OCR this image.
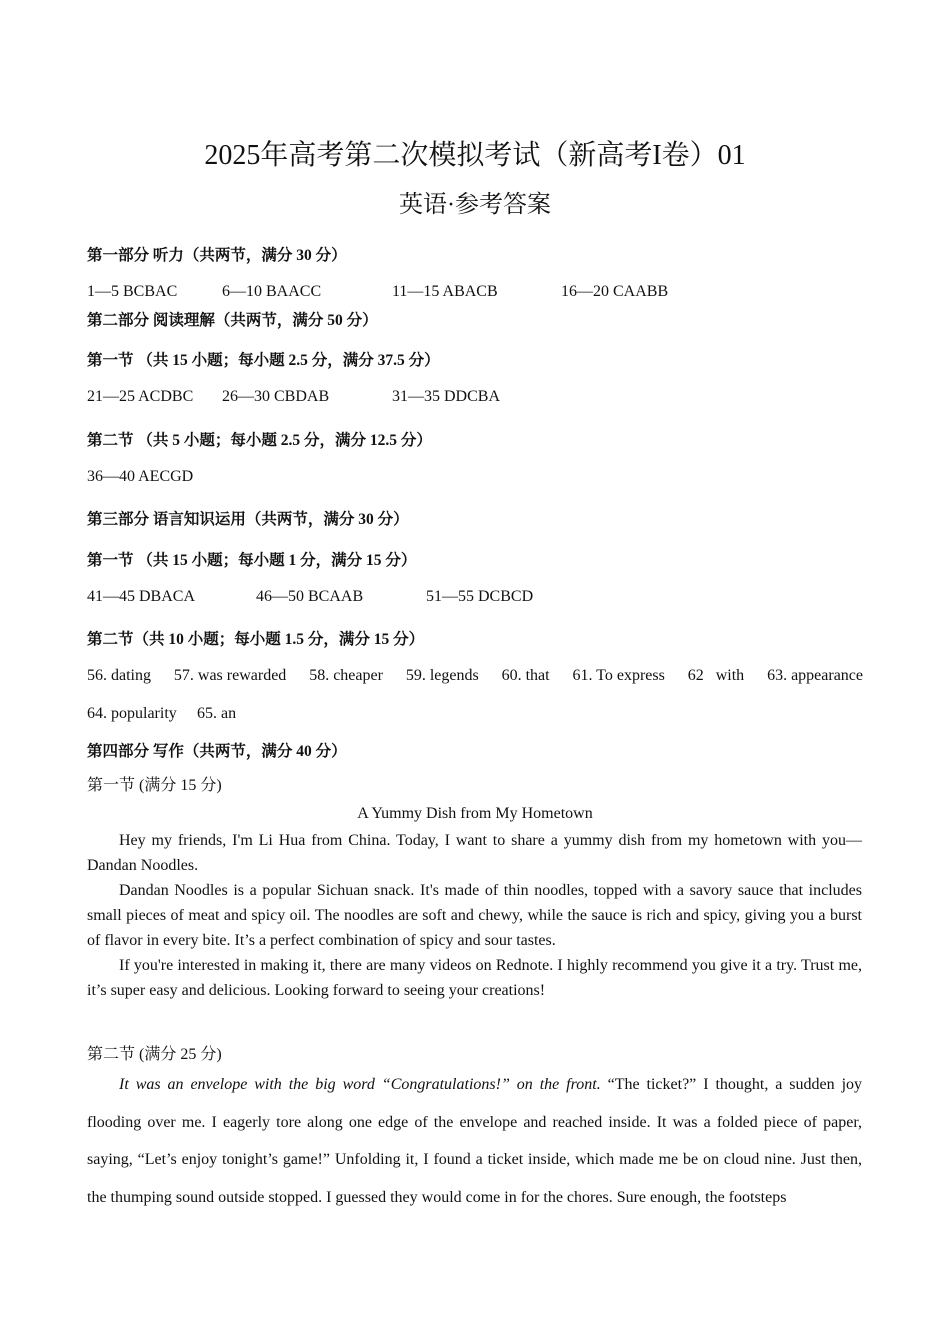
2025年高考第二次模拟考试（新高考I卷）01
英语·参考答案
第一部分 听力（共两节，满分 30 分）
1—5 BCBAC	6—10 BAACC	11—15 ABACB	16—20 CAABB
第二部分 阅读理解（共两节，满分 50 分）
第一节 （共 15 小题；每小题 2.5 分，满分 37.5 分）
21—25 ACDBC 26—30 CBDAB	31—35 DDCBA
第二节 （共 5 小题；每小题 2.5 分，满分 12.5 分）
36—40 AECGD
第三部分 语言知识运用（共两节，满分 30 分）
第一节 （共 15 小题；每小题 1 分，满分 15 分）
41—45 DBACA	46—50 BCAAB	51—55 DCBCD
第二节（共 10 小题；每小题 1.5 分，满分 15 分）
56. dating 57. was rewarded 58. cheaper 59. legends 60. that 61. To express 62   with 63. appearance
64. popularity 65. an
第四部分 写作（共两节，满分 40 分）
第一节 (满分 15 分)
A Yummy Dish from My Hometown

Hey my friends, I'm Li Hua from China. Today, I want to share a yummy dish from my hometown with you—Dandan Noodles.

Dandan Noodles is a popular Sichuan snack. It's made of thin noodles, topped with a savory sauce that includes small pieces of meat and spicy oil. The noodles are soft and chewy, while the sauce is rich and spicy, giving you a burst of flavor in every bite. It’s a perfect combination of spicy and sour tastes.

If you're interested in making it, there are many videos on Rednote. I highly recommend you give it a try. Trust me, it’s super easy and delicious. Looking forward to seeing your creations!

第二节 (满分 25 分)

It was an envelope with the big word “Congratulations!” on the front. “The ticket?” I thought, a sudden joy flooding over me. I eagerly tore along one edge of the envelope and reached inside. It was a folded piece of paper, saying, “Let’s enjoy tonight’s game!” Unfolding it, I found a ticket inside, which made me be on cloud nine. Just then, the thumping sound outside stopped. I guessed they would come in for the chores. Sure enough, the footsteps
